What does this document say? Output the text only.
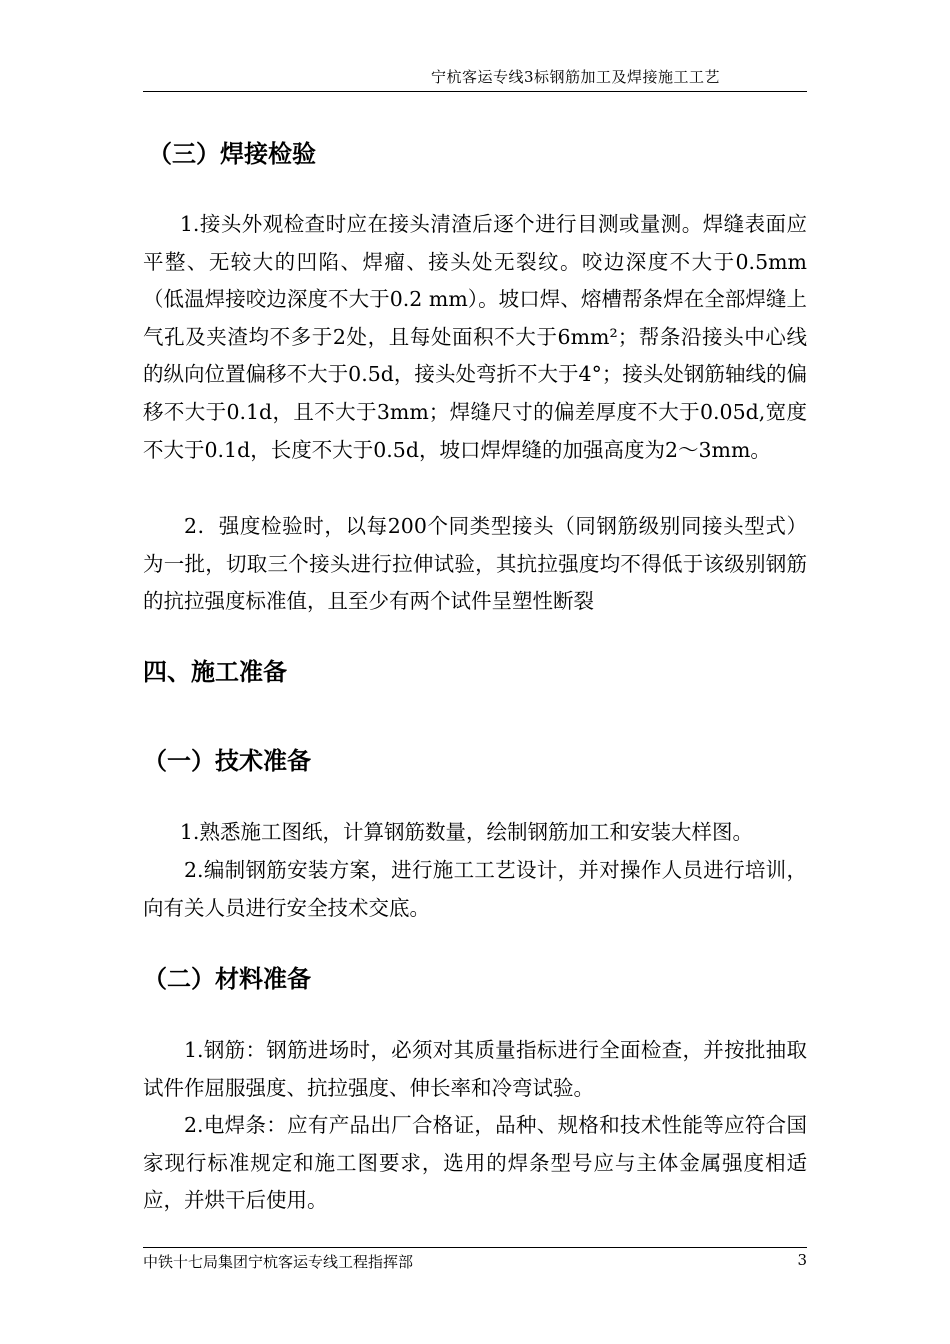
宁杭客运专线3标钢筋加工及焊接施工工艺
（三）焊接检验
1.接头外观检查时应在接头清渣后逐个进行目测或量测。焊缝表面应平整、无较大的凹陷、焊瘤、接头处无裂纹。咬边深度不大于0.5mm（低温焊接咬边深度不大于0.2 mm）。坡口焊、熔槽帮条焊在全部焊缝上气孔及夹渣均不多于2处，且每处面积不大于6mm²；帮条沿接头中心线的纵向位置偏移不大于0.5d，接头处弯折不大于4°；接头处钢筋轴线的偏移不大于0.1d，且不大于3mm；焊缝尺寸的偏差厚度不大于0.05d,宽度不大于0.1d，长度不大于0.5d，坡口焊焊缝的加强高度为2～3mm。
2．强度检验时，以每200个同类型接头（同钢筋级别同接头型式）为一批，切取三个接头进行拉伸试验，其抗拉强度均不得低于该级别钢筋的抗拉强度标准值，且至少有两个试件呈塑性断裂
四、施工准备
（一）技术准备
1.熟悉施工图纸，计算钢筋数量，绘制钢筋加工和安装大样图。
2.编制钢筋安装方案，进行施工工艺设计，并对操作人员进行培训，向有关人员进行安全技术交底。
（二）材料准备
1.钢筋：钢筋进场时，必须对其质量指标进行全面检查，并按批抽取试件作屈服强度、抗拉强度、伸长率和冷弯试验。
2.电焊条：应有产品出厂合格证，品种、规格和技术性能等应符合国家现行标准规定和施工图要求，选用的焊条型号应与主体金属强度相适应，并烘干后使用。
中铁十七局集团宁杭客运专线工程指挥部	3
